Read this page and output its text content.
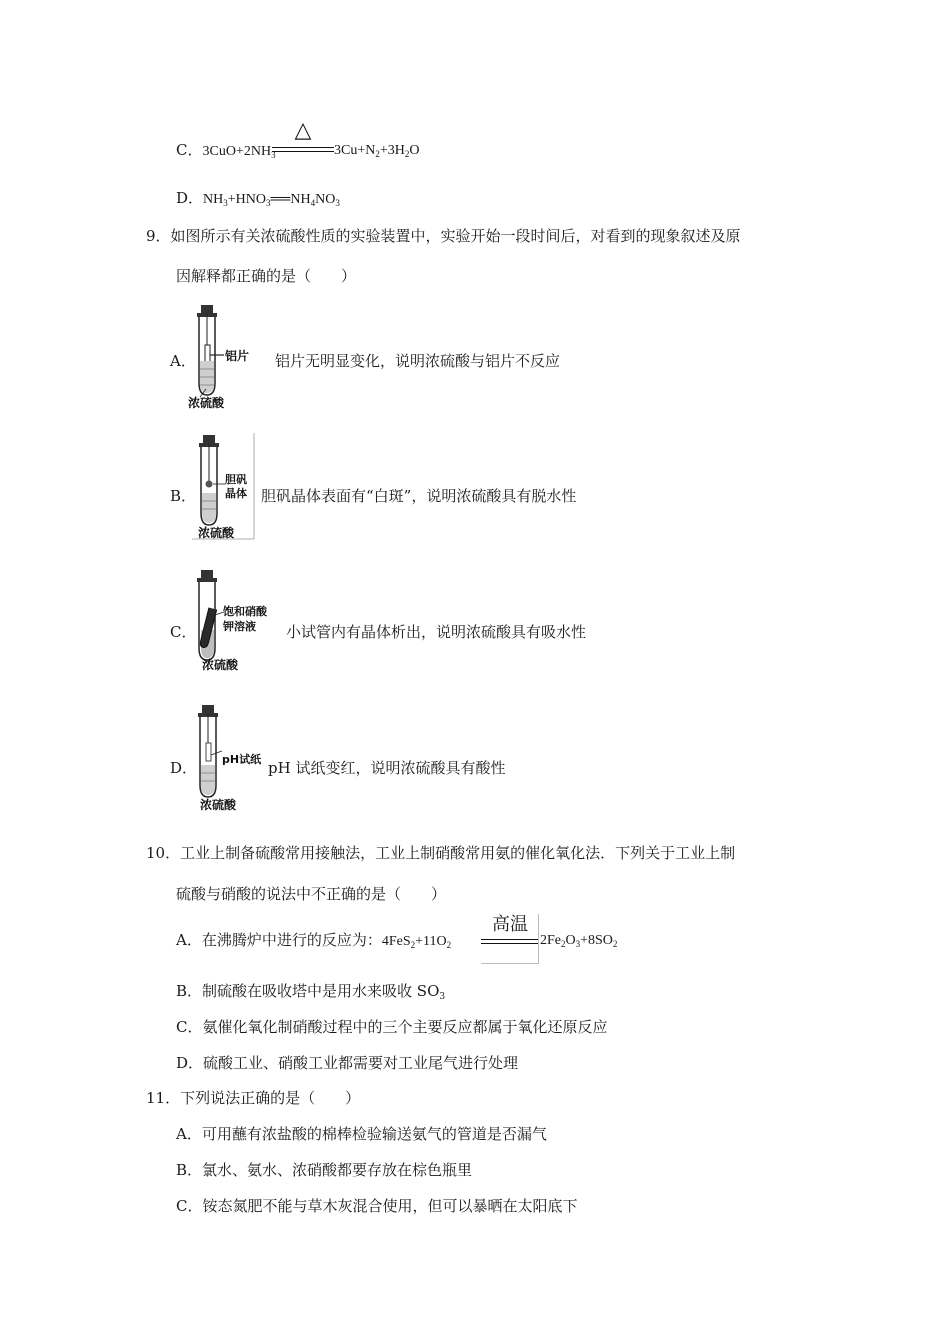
C．$3CuO+2NH_3$
△
$3Cu+N_2+3H_2O$
D．$NH_3+HNO_3══NH_4NO_3$
9．如图所示有关浓硫酸性质的实验装置中，实验开始一段时间后，对看到的现象叙述及原
因解释都正确的是（　　）
A． 铝片
浓硫酸
铝片无明显变化，说明浓硫酸与铝片不反应
B．
胆矾
晶体
浓硫酸
胆矾晶体表面有“白斑”，说明浓硫酸具有脱水性
C．
饱和硝酸
钾溶液
浓硫酸
小试管内有晶体析出，说明浓硫酸具有吸水性
D． pH试纸
浓硫酸
pH 试纸变红，说明浓硫酸具有酸性
10．工业上制备硫酸常用接触法，工业上制硝酸常用氨的催化氧化法．下列关于工业上制
硫酸与硝酸的说法中不正确的是（　　）
A．在沸腾炉中进行的反应为：$4FeS_2+11O_2$
高温
$2Fe_2O_3+8SO_2$
B．制硫酸在吸收塔中是用水来吸收 $SO_3$
C．氨催化氧化制硝酸过程中的三个主要反应都属于氧化还原反应
D．硫酸工业、硝酸工业都需要对工业尾气进行处理
11．下列说法正确的是（　　）
A．可用蘸有浓盐酸的棉棒检验输送氨气的管道是否漏气
B．氯水、氨水、浓硝酸都要存放在棕色瓶里
C．铵态氮肥不能与草木灰混合使用，但可以暴晒在太阳底下
